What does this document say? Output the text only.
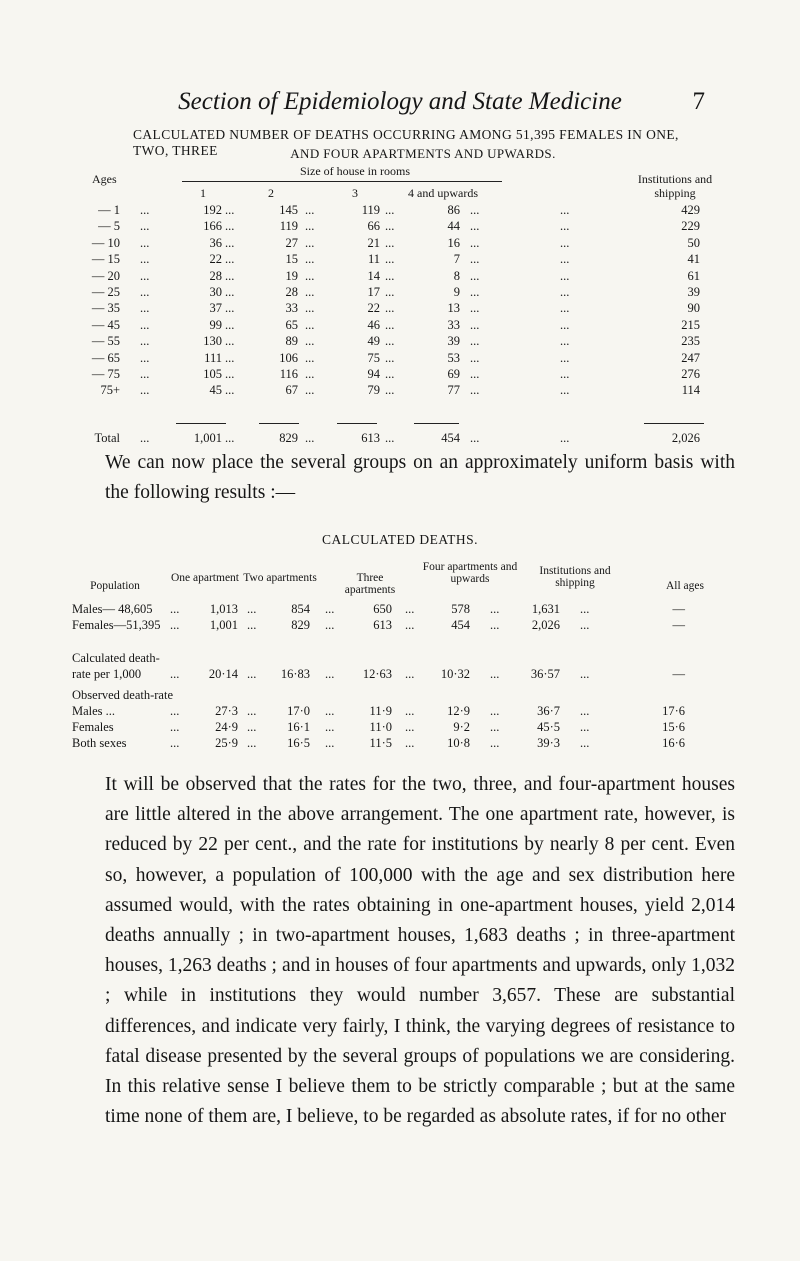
Section of Epidemiology and State Medicine	7
CALCULATED NUMBER OF DEATHS OCCURRING AMONG 51,395 FEMALES IN ONE, TWO, THREE	AND FOUR APARTMENTS AND UPWARDS.
Ages
Size of house in rooms
Institutions and shipping
1	2	3	4 and upwards
— 1 ...	192	145	119	86	429
...	...	...	...	...
— 5 ...	166	119	66	44	229
...	...	...	...	...
— 10 ...	36	27	21	16	50
...	...	...	...	...
— 15 ...	22	15	11	7	41
...	...	...	...	...
— 20 ...	28	19	14	8	61
...	...	...	...	...
— 25 ...	30	28	17	9	39
...	...	...	...	...
— 35 ...	37	33	22	13	90
...	...	...	...	...
— 45 ...	99	65	46	33	215
...	...	...	...	...
— 55 ...	130	89	49	39	235
...	...	...	...	...
— 65 ...	111	106	75	53	247
...	...	...	...	...
— 75 ...	105	116	94	69	276
...	...	...	...	...
75+ ...	45	67	79	77	114
...	...	...	...	...
Total ...	1,001	829	613	454	2,026
...	...	...	...	...
We can now place the several groups on an approximately uniform basis with the following results :—
CALCULATED DEATHS.
Population
One apartment Two apartments	Three apartments
Four apartments and upwards
Institutions and shipping	All ages
Males— 48,605	1,013	854	650	578	1,631	—
...	...	...	...	...	...
Females—51,395	1,001	829	613	454	2,026	—
...	...	...	...	...	...
Calculated death-
rate per 1,000	20·14	16·83	12·63	10·32	36·57	—
...	...	...	...	...	...
Observed death-rate
Males ...	27·3	17·0	11·9	12·9	36·7	17·6
...	...	...	...	...	...
Females	24·9	16·1	11·0	9·2	45·5	15·6
...	...	...	...	...	...
Both sexes	25·9	16·5	11·5	10·8	39·3	16·6
...	...	...	...	...	...
It will be observed that the rates for the two, three, and four-apartment houses are little altered in the above arrangement. The one apartment rate, however, is reduced by 22 per cent., and the rate for institutions by nearly 8 per cent. Even so, however, a population of 100,000 with the age and sex distribution here assumed would, with the rates obtaining in one-apartment houses, yield 2,014 deaths annually ; in two-apartment houses, 1,683 deaths ; in three-apartment houses, 1,263 deaths ; and in houses of four apartments and upwards, only 1,032 ; while in institutions they would number 3,657. These are substantial differences, and indicate very fairly, I think, the varying degrees of resistance to fatal disease presented by the several groups of populations we are considering. In this relative sense I believe them to be strictly comparable ; but at the same time none of them are, I believe, to be regarded as absolute rates, if for no other
